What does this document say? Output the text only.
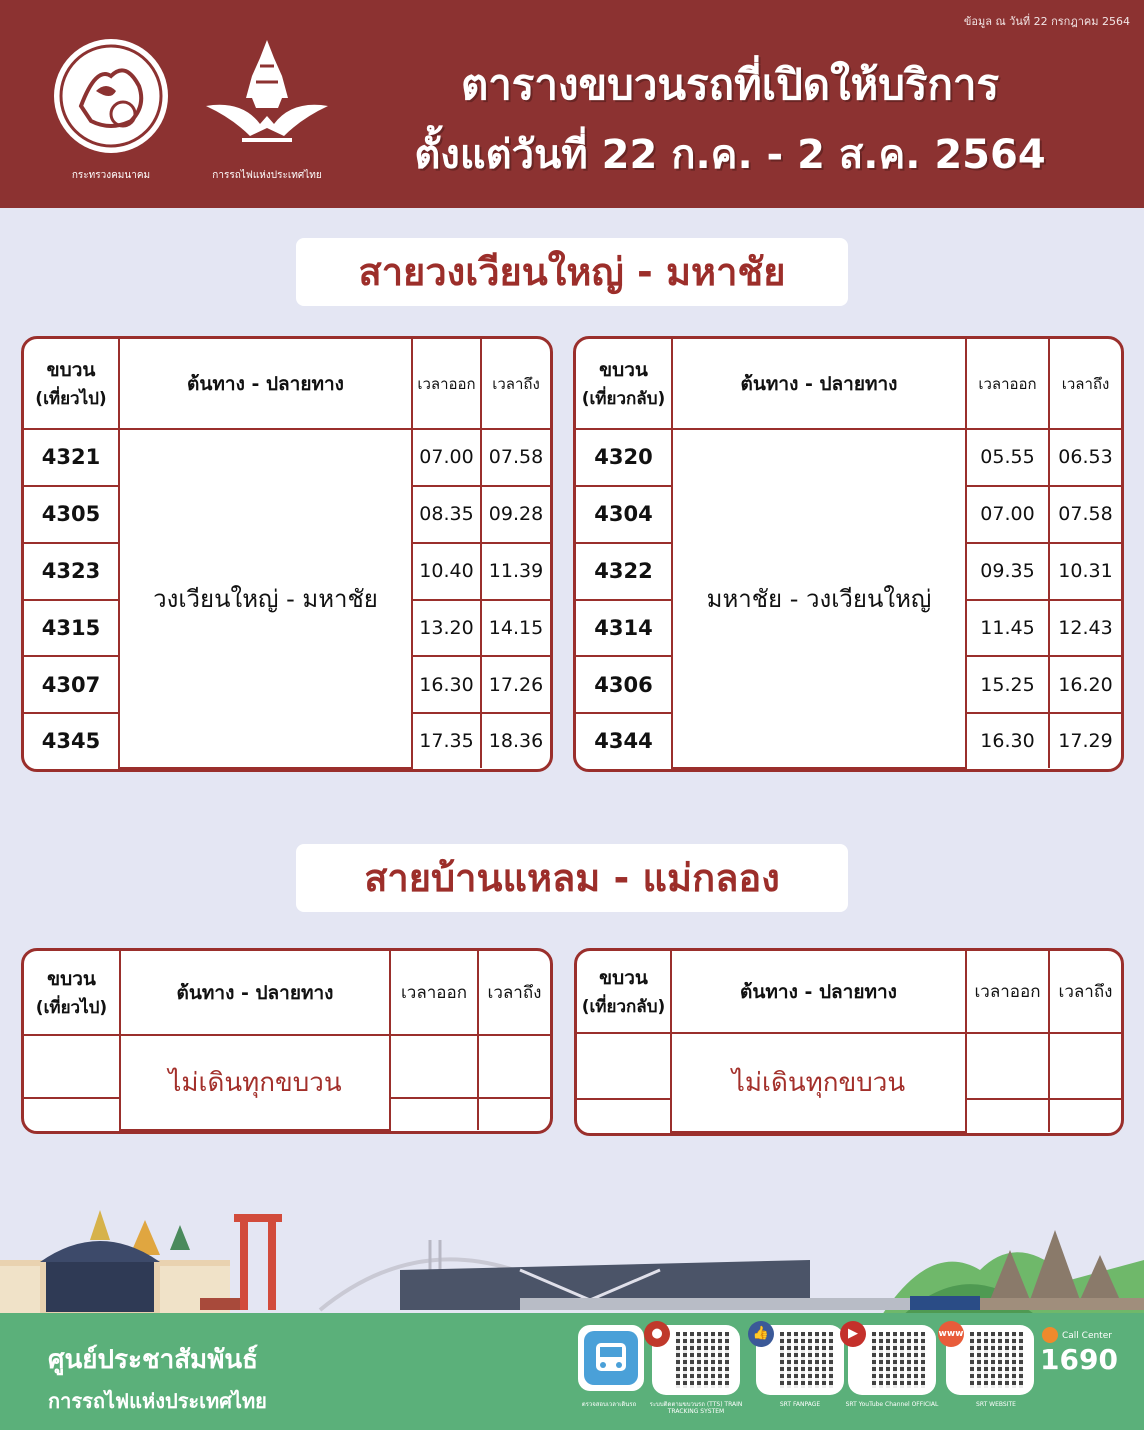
ข้อมูล ณ วันที่ 22 กรกฎาคม 2564
กระทรวงคมนาคม	การรถไฟแห่งประเทศไทย
ตารางขบวนรถที่เปิดให้บริการ
ตั้งแต่วันที่ 22 ก.ค. - 2 ส.ค. 2564
สายวงเวียนใหญ่ - มหาชัย
ขบวน
(เที่ยวไป)	ต้นทาง - ปลายทาง	เวลาออก	เวลาถึง
4321	วงเวียนใหญ่ - มหาชัย	07.00	07.58
4305		08.35	09.28
4323		10.40	11.39
4315		13.20	14.15
4307		16.30	17.26
4345		17.35	18.36
ขบวน
(เที่ยวกลับ)	ต้นทาง - ปลายทาง	เวลาออก	เวลาถึง
4320	มหาชัย - วงเวียนใหญ่	05.55	06.53
4304		07.00	07.58
4322		09.35	10.31
4314		11.45	12.43
4306		15.25	16.20
4344		16.30	17.29
สายบ้านแหลม - แม่กลอง
ขบวน
(เที่ยวไป)	ต้นทาง - ปลายทาง	เวลาออก	เวลาถึง
	ไม่เดินทุกขบวน		

ขบวน
(เที่ยวกลับ)	ต้นทาง - ปลายทาง	เวลาออก	เวลาถึง
	ไม่เดินทุกขบวน		

ศูนย์ประชาสัมพันธ์
การรถไฟแห่งประเทศไทย	ตรวจสอบเวลาเดินรถ
●
ระบบติดตามขบวนรถ (TTS) TRAIN TRACKING SYSTEM
👍
SRT FANPAGE
▶
SRT YouTube Channel OFFICIAL
www
SRT WEBSITE
Call Center
1690
